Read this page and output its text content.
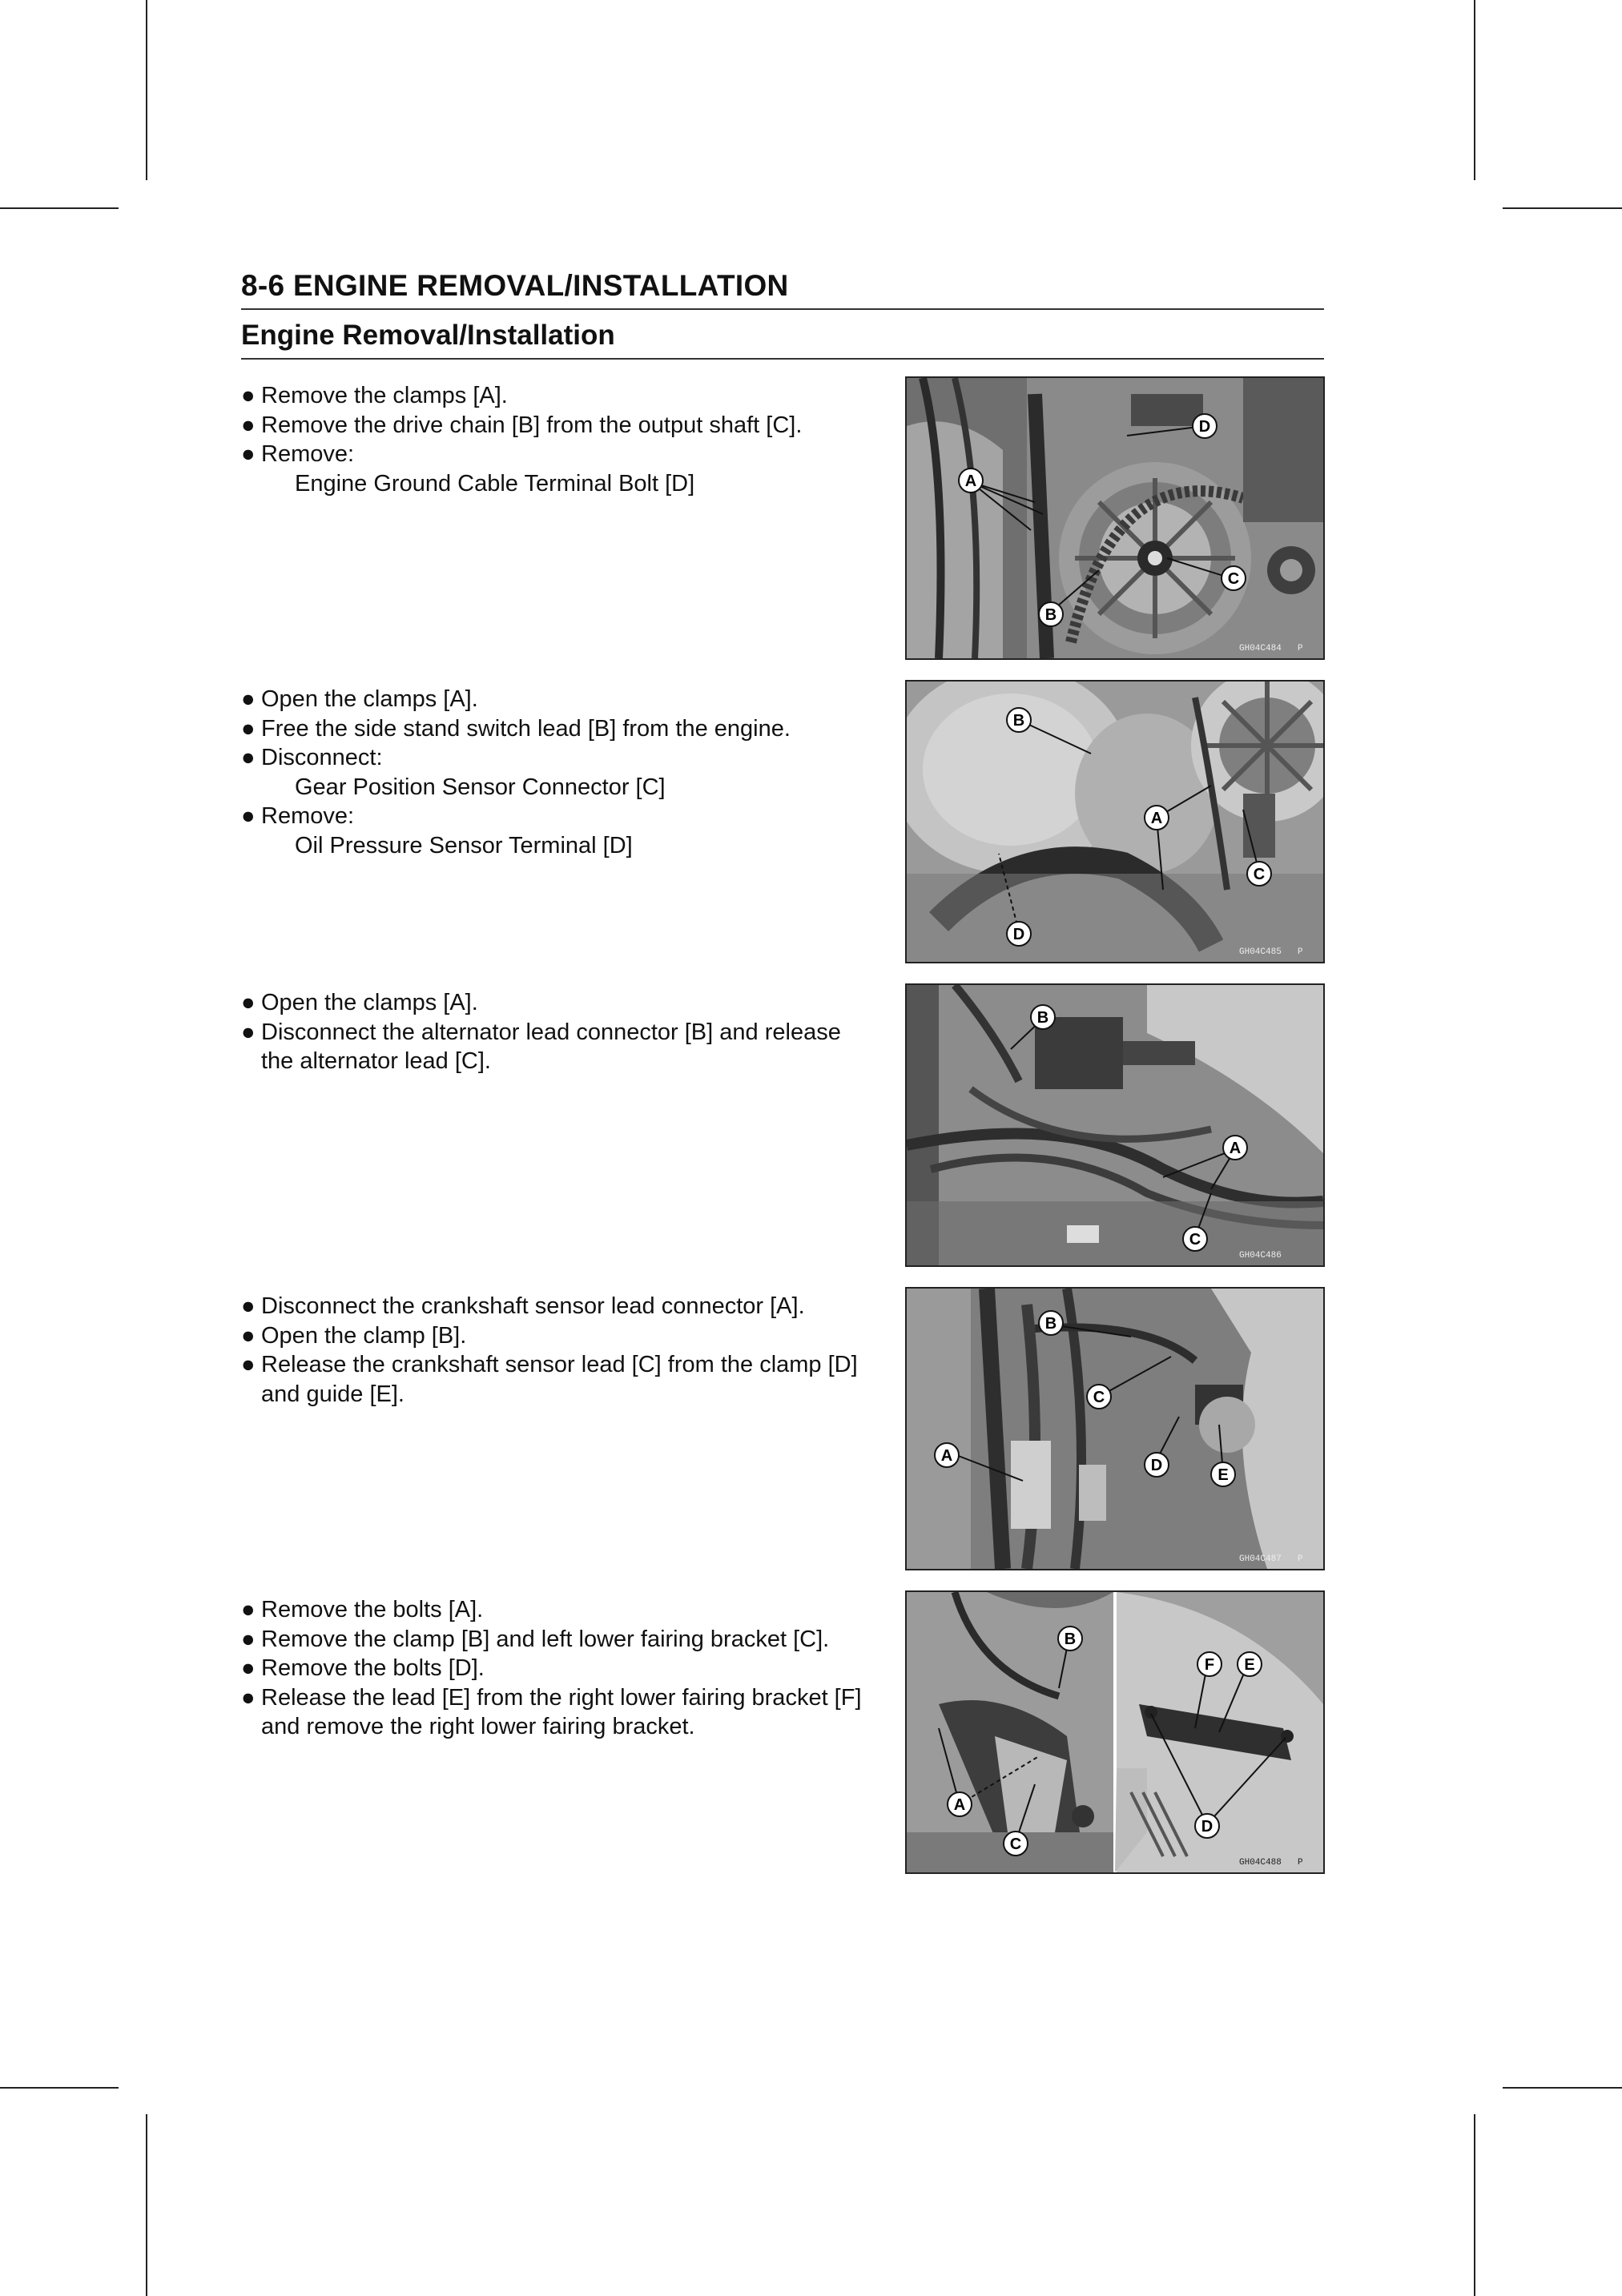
8-6 ENGINE REMOVAL/INSTALLATION
Engine Removal/Installation
● Remove the clamps [A].
● Remove the drive chain [B] from the output shaft [C].
● Remove:
Engine Ground Cable Terminal Bolt [D]	A
B
C
D
GH04C484 P
● Open the clamps [A].
● Free the side stand switch lead [B] from the engine.
● Disconnect:
Gear Position Sensor Connector [C]
● Remove:
Oil Pressure Sensor Terminal [D]
A
B
C
D
GH04C485 P
● Open the clamps [A].
● Disconnect the alternator lead connector [B] and release the alternator lead [C].
A
B
C
GH04C486
● Disconnect the crankshaft sensor lead connector [A].
● Open the clamp [B].
● Release the crankshaft sensor lead [C] from the clamp [D] and guide [E].
A
B
C
D
E
GH04C487 P
● Remove the bolts [A].
● Remove the clamp [B] and left lower fairing bracket [C].
● Remove the bolts [D].
● Release the lead [E] from the right lower fairing bracket [F] and remove the right lower fairing bracket.
A
B
C
D
E
F
GH04C488 P
